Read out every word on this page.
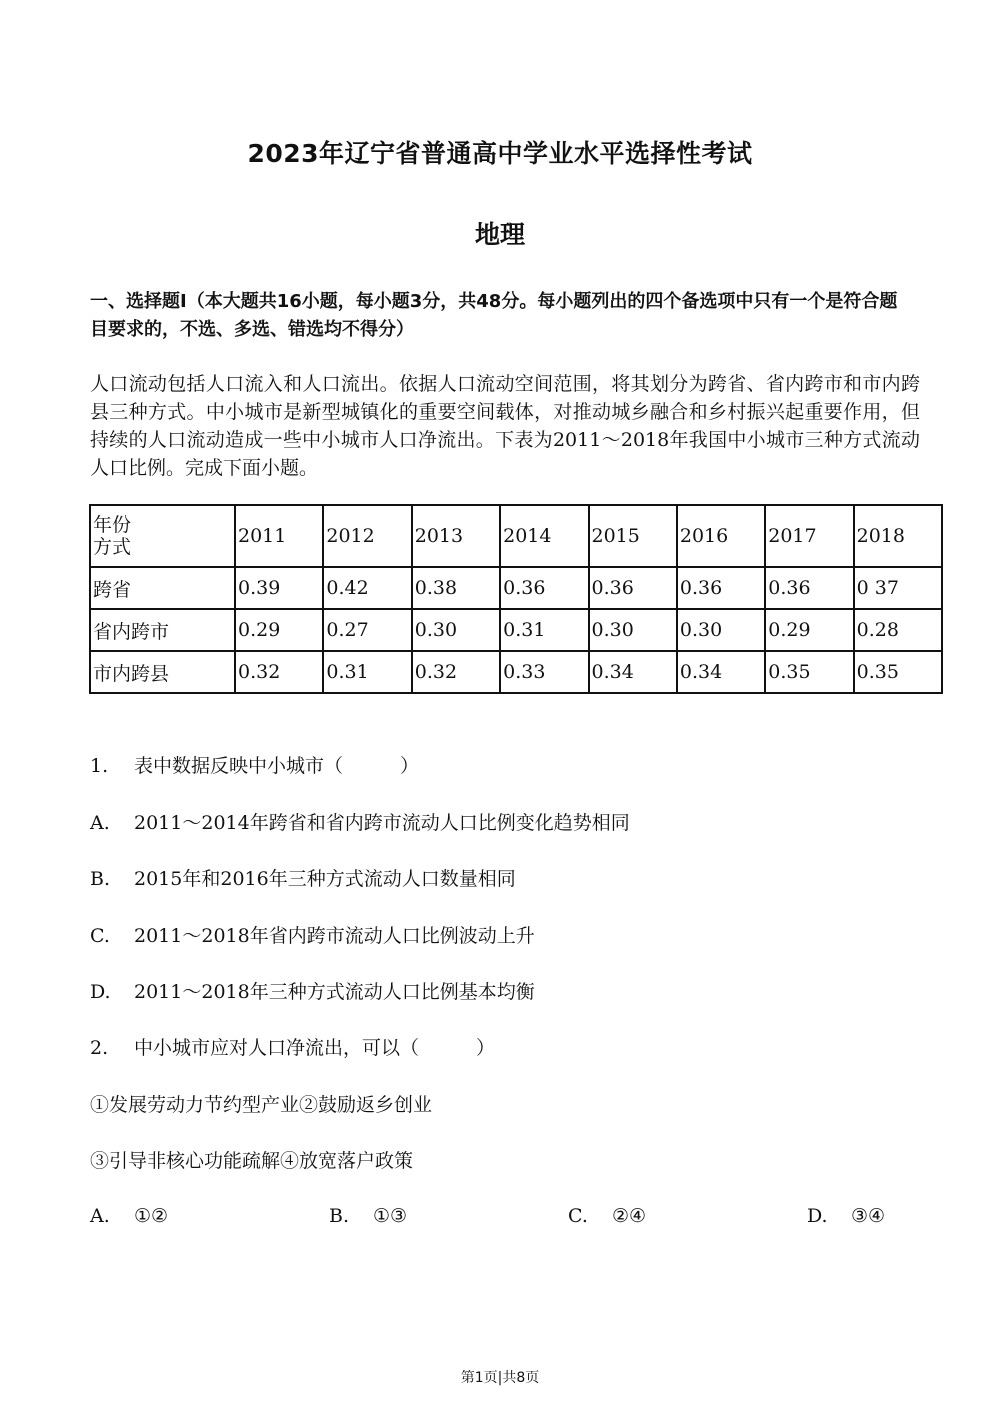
2023年辽宁省普通高中学业水平选择性考试
地理
一、选择题Ⅰ（本大题共16小题，每小题3分，共48分。每小题列出的四个备选项中只有一个是符合题目要求的，不选、多选、错选均不得分）
人口流动包括人口流入和人口流出。依据人口流动空间范围，将其划分为跨省、省内跨市和市内跨县三种方式。中小城市是新型城镇化的重要空间载体，对推动城乡融合和乡村振兴起重要作用，但持续的人口流动造成一些中小城市人口净流出。下表为2011～2018年我国中小城市三种方式流动人口比例。完成下面小题。
年份
方式	2011	2012	2013	2014	2015	2016	2017	2018
跨省	0.39	0.42	0.38	0.36	0.36	0.36	0.36	0 37
省内跨市	0.29	0.27	0.30	0.31	0.30	0.30	0.29	0.28
市内跨县	0.32	0.31	0.32	0.33	0.34	0.34	0.35	0.35
1. 表中数据反映中小城市（　　　）
A. 2011～2014年跨省和省内跨市流动人口比例变化趋势相同
B. 2015年和2016年三种方式流动人口数量相同
C. 2011～2018年省内跨市流动人口比例波动上升
D. 2011～2018年三种方式流动人口比例基本均衡
2. 中小城市应对人口净流出，可以（　　　）
①发展劳动力节约型产业②鼓励返乡创业
③引导非核心功能疏解④放宽落户政策
A. ①②	B. ①③	C. ②④	D. ③④
第1页|共8页
